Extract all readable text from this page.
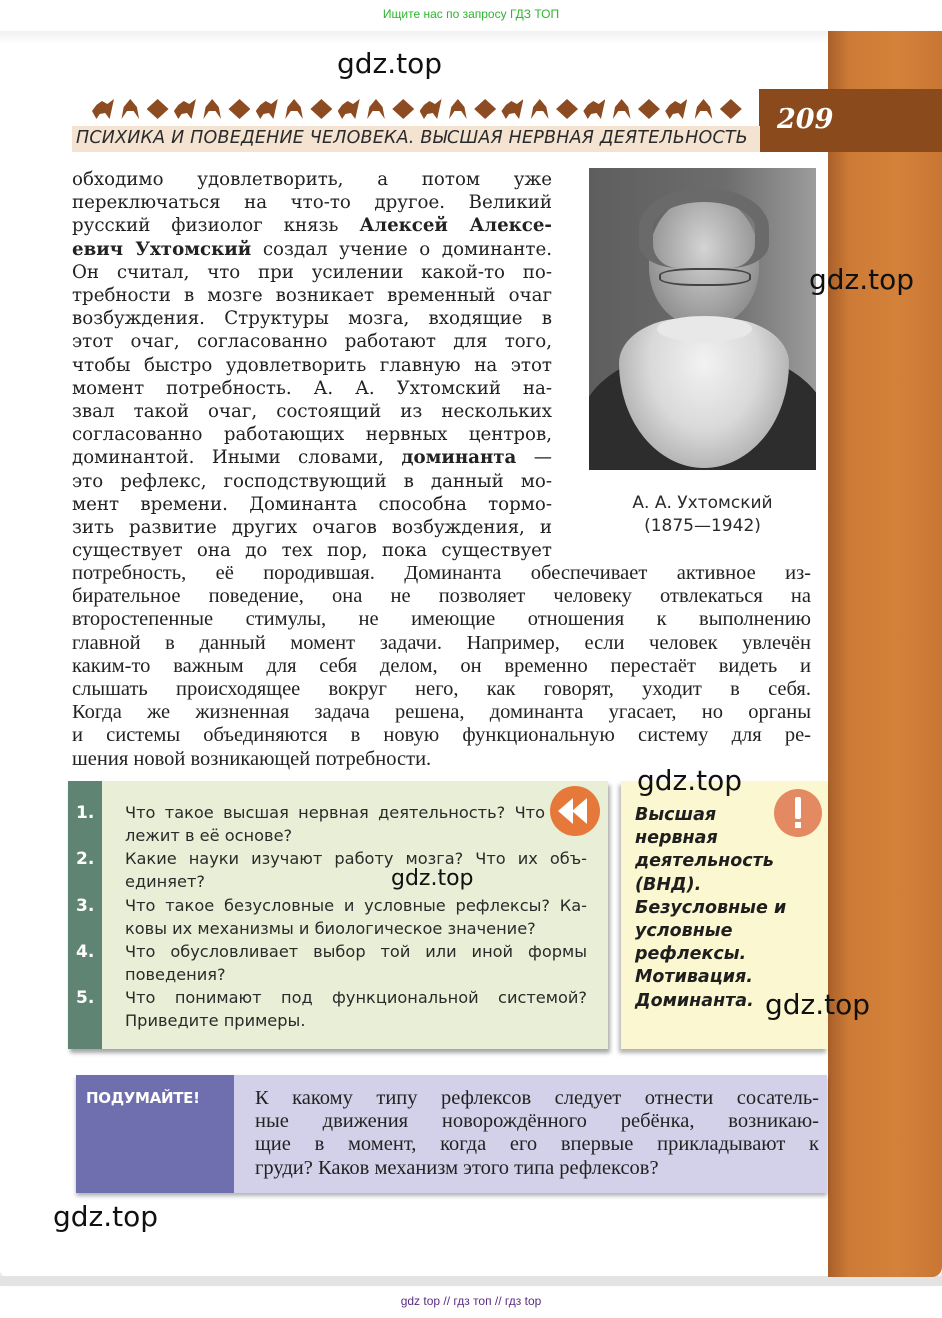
Ищите нас по запросу ГДЗ ТОП
209
ПСИХИКА И ПОВЕДЕНИЕ ЧЕЛОВЕКА. ВЫСШАЯ НЕРВНАЯ ДЕЯТЕЛЬНОСТЬ
обходимо удовлетворить, а потом уже
переключаться на что-то другое. Великий
русский физиолог князь Алексей Алексе-
евич Ухтомский создал учение о доминанте.
Он считал, что при усилении какой-то по-
требности в мозге возникает временный очаг
возбуждения. Структуры мозга, входящие в
этот очаг, согласованно работают для того,
чтобы быстро удовлетворить главную на этот
момент потребность. А. А. Ухтомский на-
звал такой очаг, состоящий из нескольких
согласованно работающих нервных центров,
доминантой. Иными словами, доминанта —
это рефлекс, господствующий в данный мо-
мент времени. Доминанта способна тормо-
зить развитие других очагов возбуждения, и
существует она до тех пор, пока существует
А. А. Ухтомский
(1875—1942)
потребность, её породившая. Доминанта обеспечивает активное из-
бирательное поведение, она не позволяет человеку отвлекаться на
второстепенные стимулы, не имеющие отношения к выполнению
главной в данный момент задачи. Например, если человек увлечён
каким-то важным для себя делом, он временно перестаёт видеть и
слышать происходящее вокруг него, как говорят, уходит в себя.
Когда же жизненная задача решена, доминанта угасает, но органы
и системы объединяются в новую функциональную систему для ре-
шения новой возникающей потребности.
1. Что такое высшая нервная деятельность? Что
лежит в её основе?
2. Какие науки изучают работу мозга? Что их объ-
единяет?
3. Что такое безусловные и условные рефлексы? Ка-
ковы их механизмы и биологическое значение?
4. Что обусловливает выбор той или иной формы
поведения?
5. Что понимают под функциональной системой?
Приведите примеры.
Высшая
нервная
деятельность
(ВНД).
Безусловные и
условные
рефлексы.
Мотивация.
Доминанта.
ПОДУМАЙТЕ!	К какому типу рефлексов следует отнести сосатель-
ные движения новорождённого ребёнка, возникаю-
щие в момент, когда его впервые прикладывают к
груди? Каков механизм этого типа рефлексов?
gdz.top
gdz.top
gdz.top
gdz.top
gdz.top
gdz.top
gdz top // гдз топ // гдз top
